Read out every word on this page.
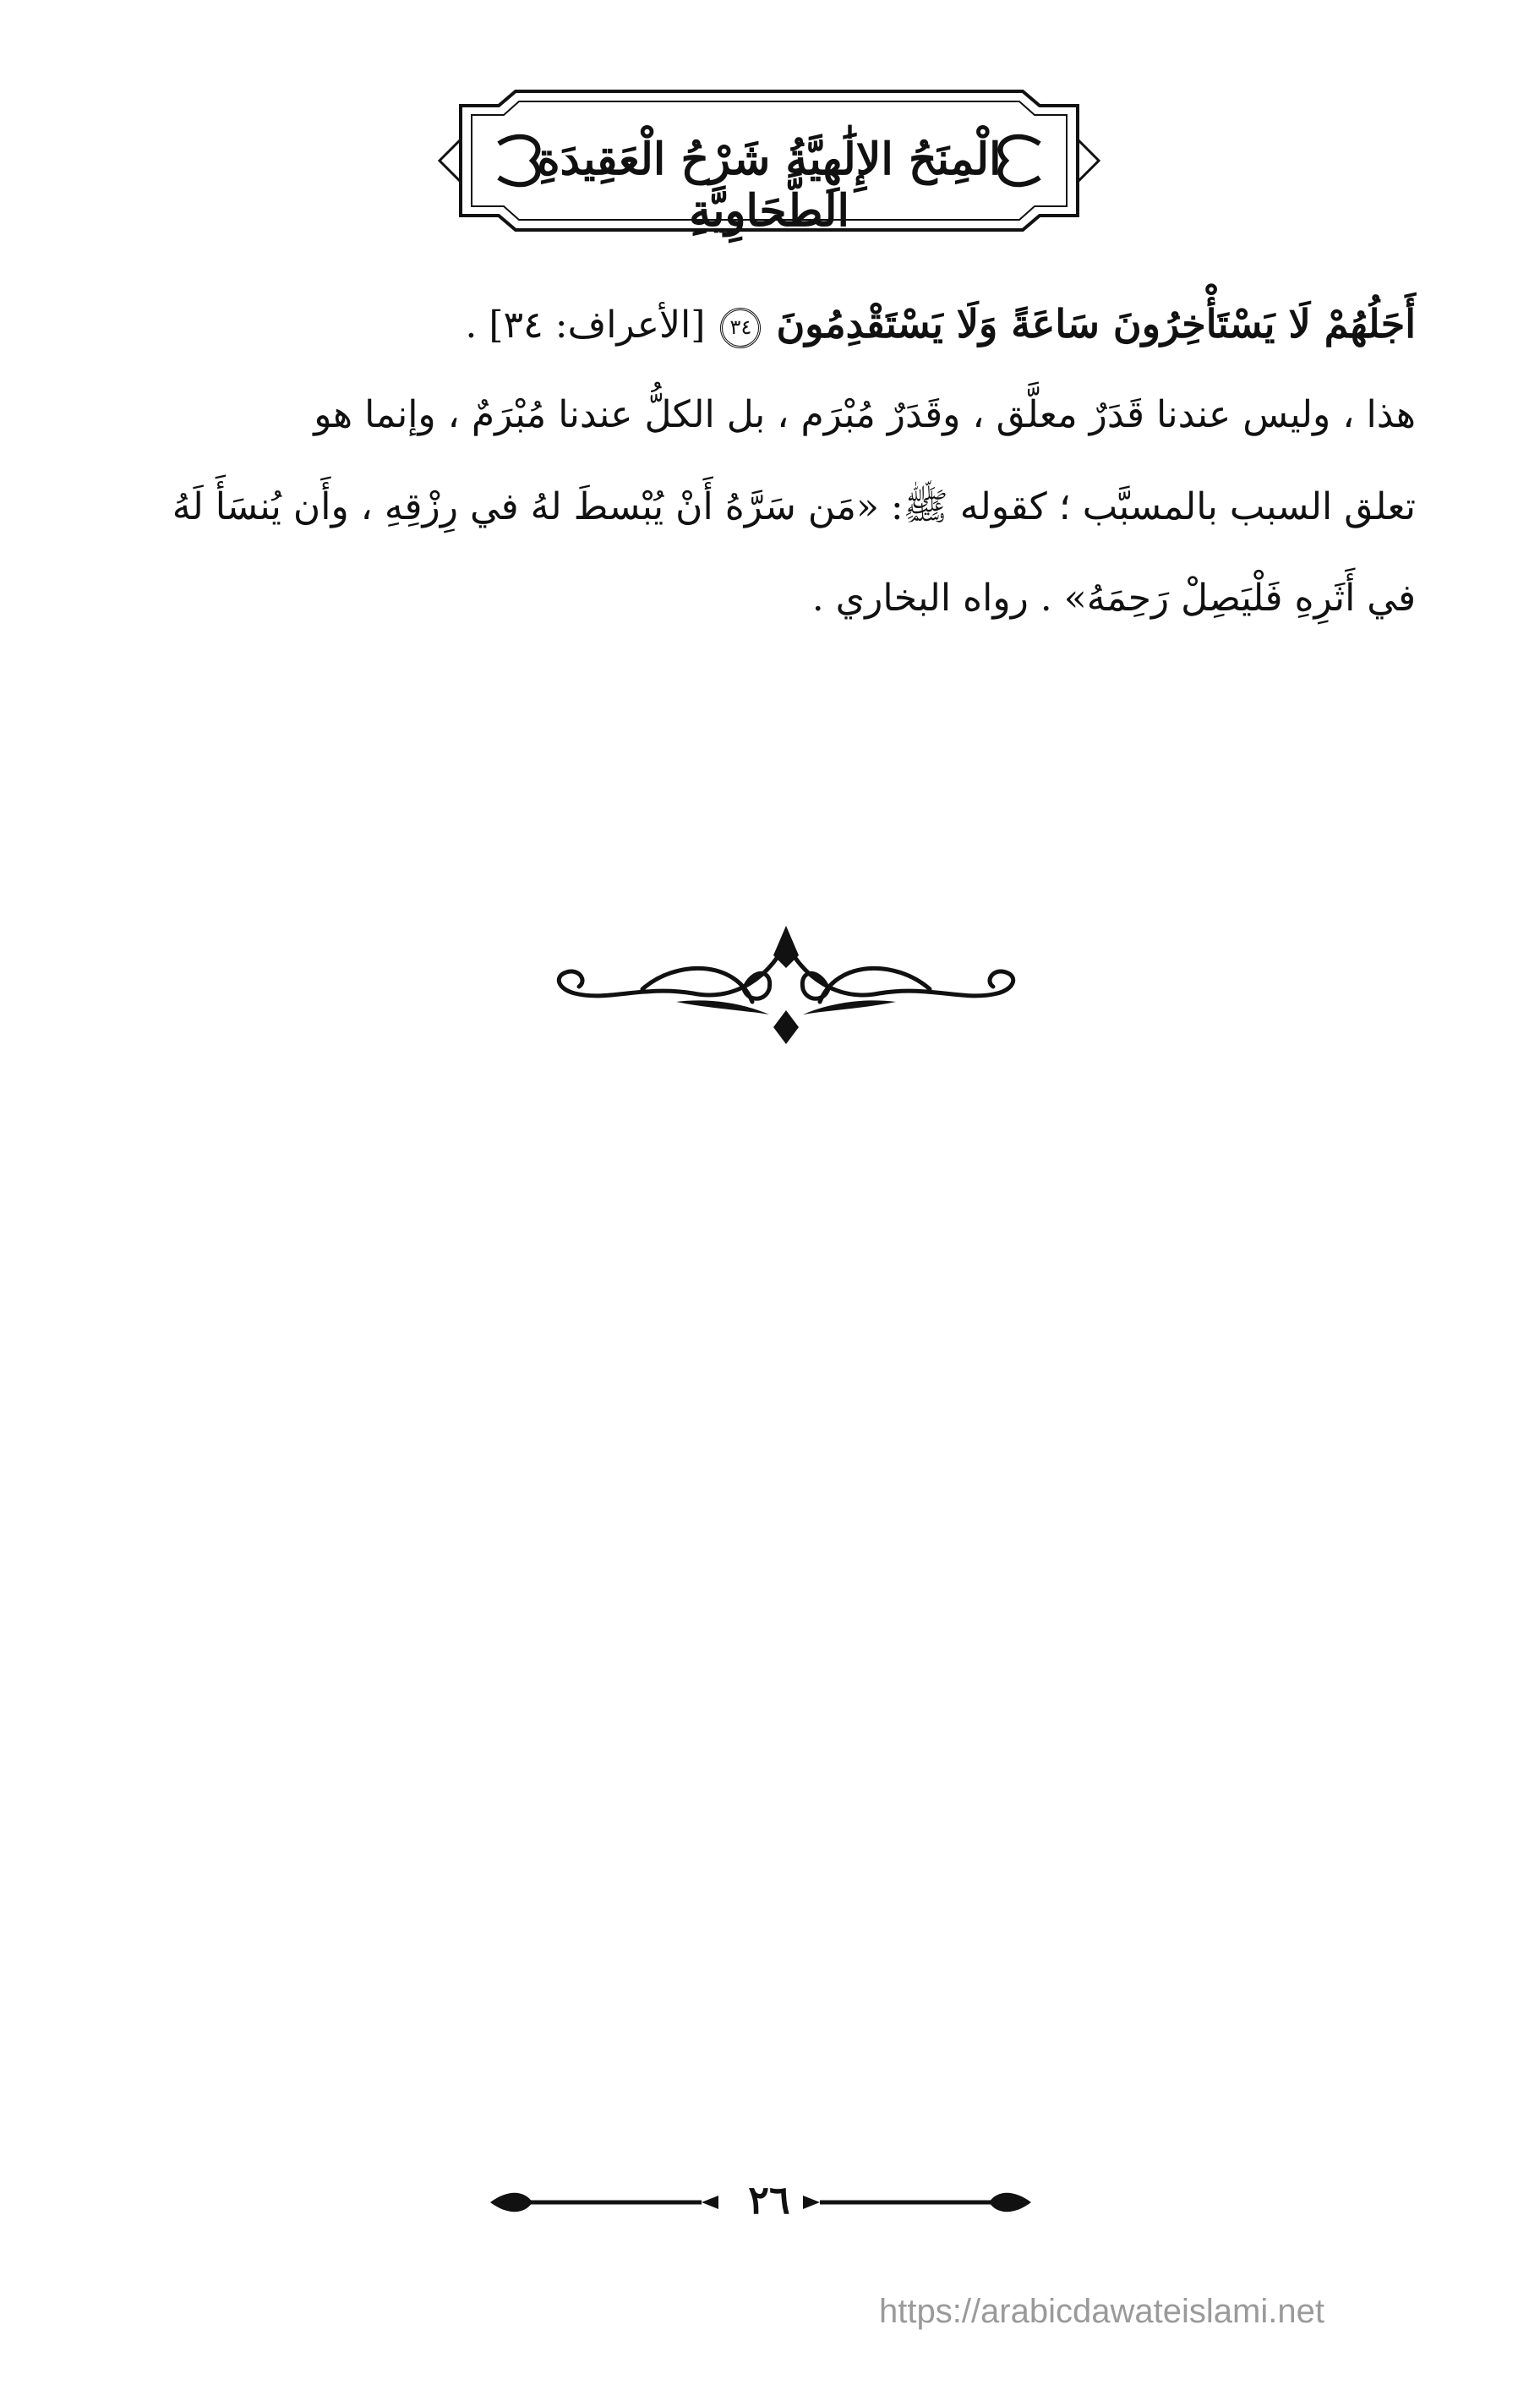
الْمِنَحُ الإِلَٰهِيَّةُ شَرْحُ الْعَقِيدَةِ الطَّحَاوِيَّةِ
أَجَلُهُمْ لَا يَسْتَأْخِرُونَ سَاعَةً وَلَا يَسْتَقْدِمُونَ ٣٤ [الأعراف: ٣٤] .
هذا ، وليس عندنا قَدَرٌ معلَّق ، وقَدَرٌ مُبْرَم ، بل الكلُّ عندنا مُبْرَمٌ ، وإنما هو
تعلق السبب بالمسبَّب ؛ كقوله ﷺ: «مَن سَرَّهُ أَنْ يُبْسطَ لهُ في رِزْقِهِ ، وأَن يُنسَأَ لَهُ
في أَثَرِهِ فَلْيَصِلْ رَحِمَهُ» . رواه البخاري .
٢٦
https://arabicdawateislami.net
